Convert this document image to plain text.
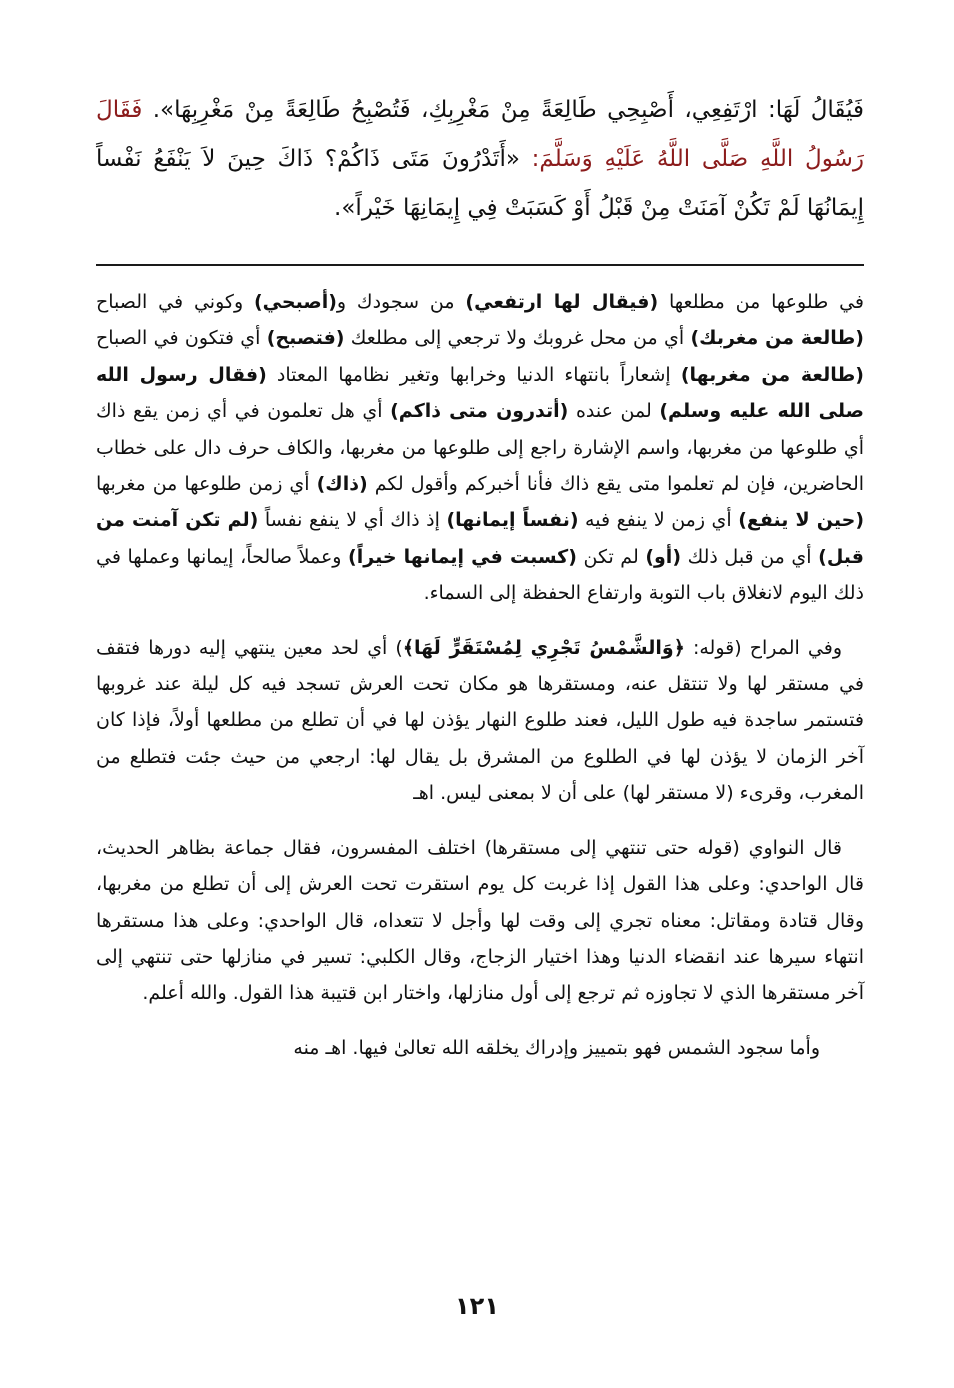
فَيُقَالُ لَهَا: ارْتَفِعِي، أَصْبِحِي طَالِعَةً مِنْ مَغْرِبِكِ، فَتُصْبِحُ طَالِعَةً مِنْ مَغْرِبِهَا». فَقَالَ رَسُولُ اللَّهِ صَلَّى اللَّهُ عَلَيْهِ وَسَلَّمَ: «أَتَدْرُونَ مَتَى ذَاكُمْ؟ ذَاكَ حِينَ لاَ يَنْفَعُ نَفْساً إِيمَانُهَا لَمْ تَكُنْ آمَنَتْ مِنْ قَبْلُ أَوْ كَسَبَتْ فِي إِيمَانِهَا خَيْراً».

في طلوعها من مطلعها (فيقال لها ارتفعي) من سجودك و(أصبحي) وكوني في الصباح (طالعة من مغربك) أي من محل غروبك ولا ترجعي إلى مطلعك (فتصبح) أي فتكون في الصباح (طالعة من مغربها) إشعاراً بانتهاء الدنيا وخرابها وتغير نظامها المعتاد (فقال رسول الله صلى الله عليه وسلم) لمن عنده (أتدرون متى ذاكم) أي هل تعلمون في أي زمن يقع ذاك أي طلوعها من مغربها، واسم الإشارة راجع إلى طلوعها من مغربها، والكاف حرف دال على خطاب الحاضرين، فإن لم تعلموا متى يقع ذاك فأنا أخبركم وأقول لكم (ذاك) أي زمن طلوعها من مغربها (حين لا ينفع) أي زمن لا ينفع فيه (نفساً إيمانها) إذ ذاك أي لا ينفع نفساً (لم تكن آمنت من قبل) أي من قبل ذلك (أو) لم تكن (كسبت في إيمانها خيراً) وعملاً صالحاً، إيمانها وعملها في ذلك اليوم لانغلاق باب التوبة وارتفاع الحفظة إلى السماء.

وفي المراح (قوله: ﴿وَالشَّمْسُ تَجْرِي لِمُسْتَقَرٍّ لَهَا﴾) أي لحد معين ينتهي إليه دورها فتقف في مستقر لها ولا تنتقل عنه، ومستقرها هو مكان تحت العرش تسجد فيه كل ليلة عند غروبها فتستمر ساجدة فيه طول الليل، فعند طلوع النهار يؤذن لها في أن تطلع من مطلعها أولاً، فإذا كان آخر الزمان لا يؤذن لها في الطلوع من المشرق بل يقال لها: ارجعي من حيث جئت فتطلع من المغرب، وقرىء (لا مستقر لها) على أن لا بمعنى ليس. اهـ

قال النواوي (قوله حتى تنتهي إلى مستقرها) اختلف المفسرون، فقال جماعة بظاهر الحديث، قال الواحدي: وعلى هذا القول إذا غربت كل يوم استقرت تحت العرش إلى أن تطلع من مغربها، وقال قتادة ومقاتل: معناه تجري إلى وقت لها وأجل لا تتعداه، قال الواحدي: وعلى هذا مستقرها انتهاء سيرها عند انقضاء الدنيا وهذا اختيار الزجاج، وقال الكلبي: تسير في منازلها حتى تنتهي إلى آخر مستقرها الذي لا تجاوزه ثم ترجع إلى أول منازلها، واختار ابن قتيبة هذا القول. والله أعلم.

وأما سجود الشمس فهو بتمييز وإدراك يخلقه الله تعالىٰ فيها. اهـ منه

١٢١
